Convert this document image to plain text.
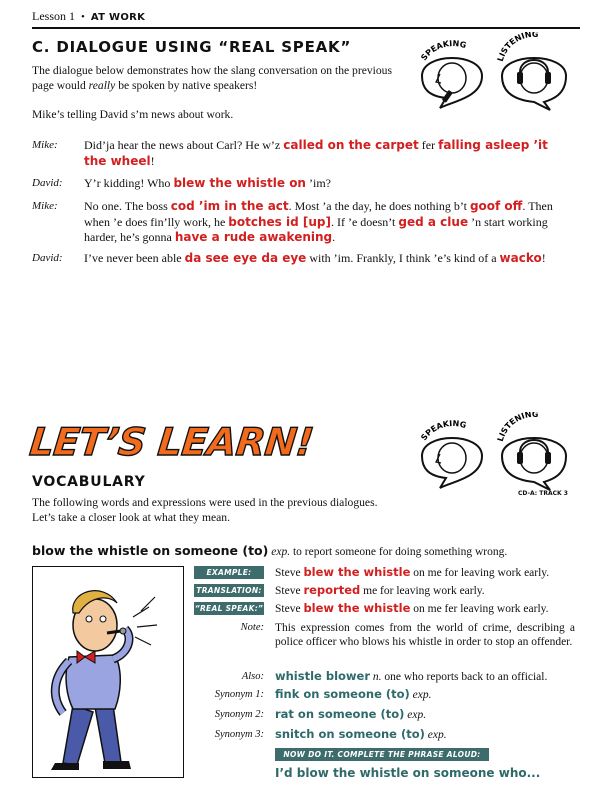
Lesson 1 • AT WORK
C. DIALOGUE USING “REAL SPEAK”

The dialogue below demonstrates how the slang conversation on the previous page would really be spoken by native speakers!

Mike’s telling David s’m news about work.

SPEAKING
LISTENING
Mike: Did’ja hear the news about Carl? He w’z called on the carpet fer falling asleep ’it the wheel!
David: Y’r kidding! Who blew the whistle on ’im?
Mike: No one. The boss cod ’im in the act. Most ’a the day, he does nothing b’t goof off. Then when ’e does fin’lly work, he botches id [up]. If ’e doesn’t ged a clue ’n start working harder, he’s gonna have a rude awakening.
David: I’ve never been able da see eye da eye with ’im. Frankly, I think ’e’s kind of a wacko!
LET’S LEARN!	SPEAKING
LISTENING
CD-A: TRACK 3
VOCABULARY

The following words and expressions were used in the previous dialogues. Let’s take a closer look at what they mean.

blow the whistle on someone (to) exp. to report someone for doing something wrong.
EXAMPLE:	Steve blew the whistle on me for leaving work early.
TRANSLATION: Steve reported me for leaving work early.
“REAL SPEAK:” Steve blew the whistle on me fer leaving work early.
Note: This expression comes from the world of crime, describing a police officer who blows his whistle in order to stop an offender.
Also: whistle blower n. one who reports back to an official.
Synonym 1: fink on someone (to) exp.
Synonym 2: rat on someone (to) exp.
Synonym 3: snitch on someone (to) exp.
NOW DO IT. COMPLETE THE PHRASE ALOUD:
I’d blow the whistle on someone who...
